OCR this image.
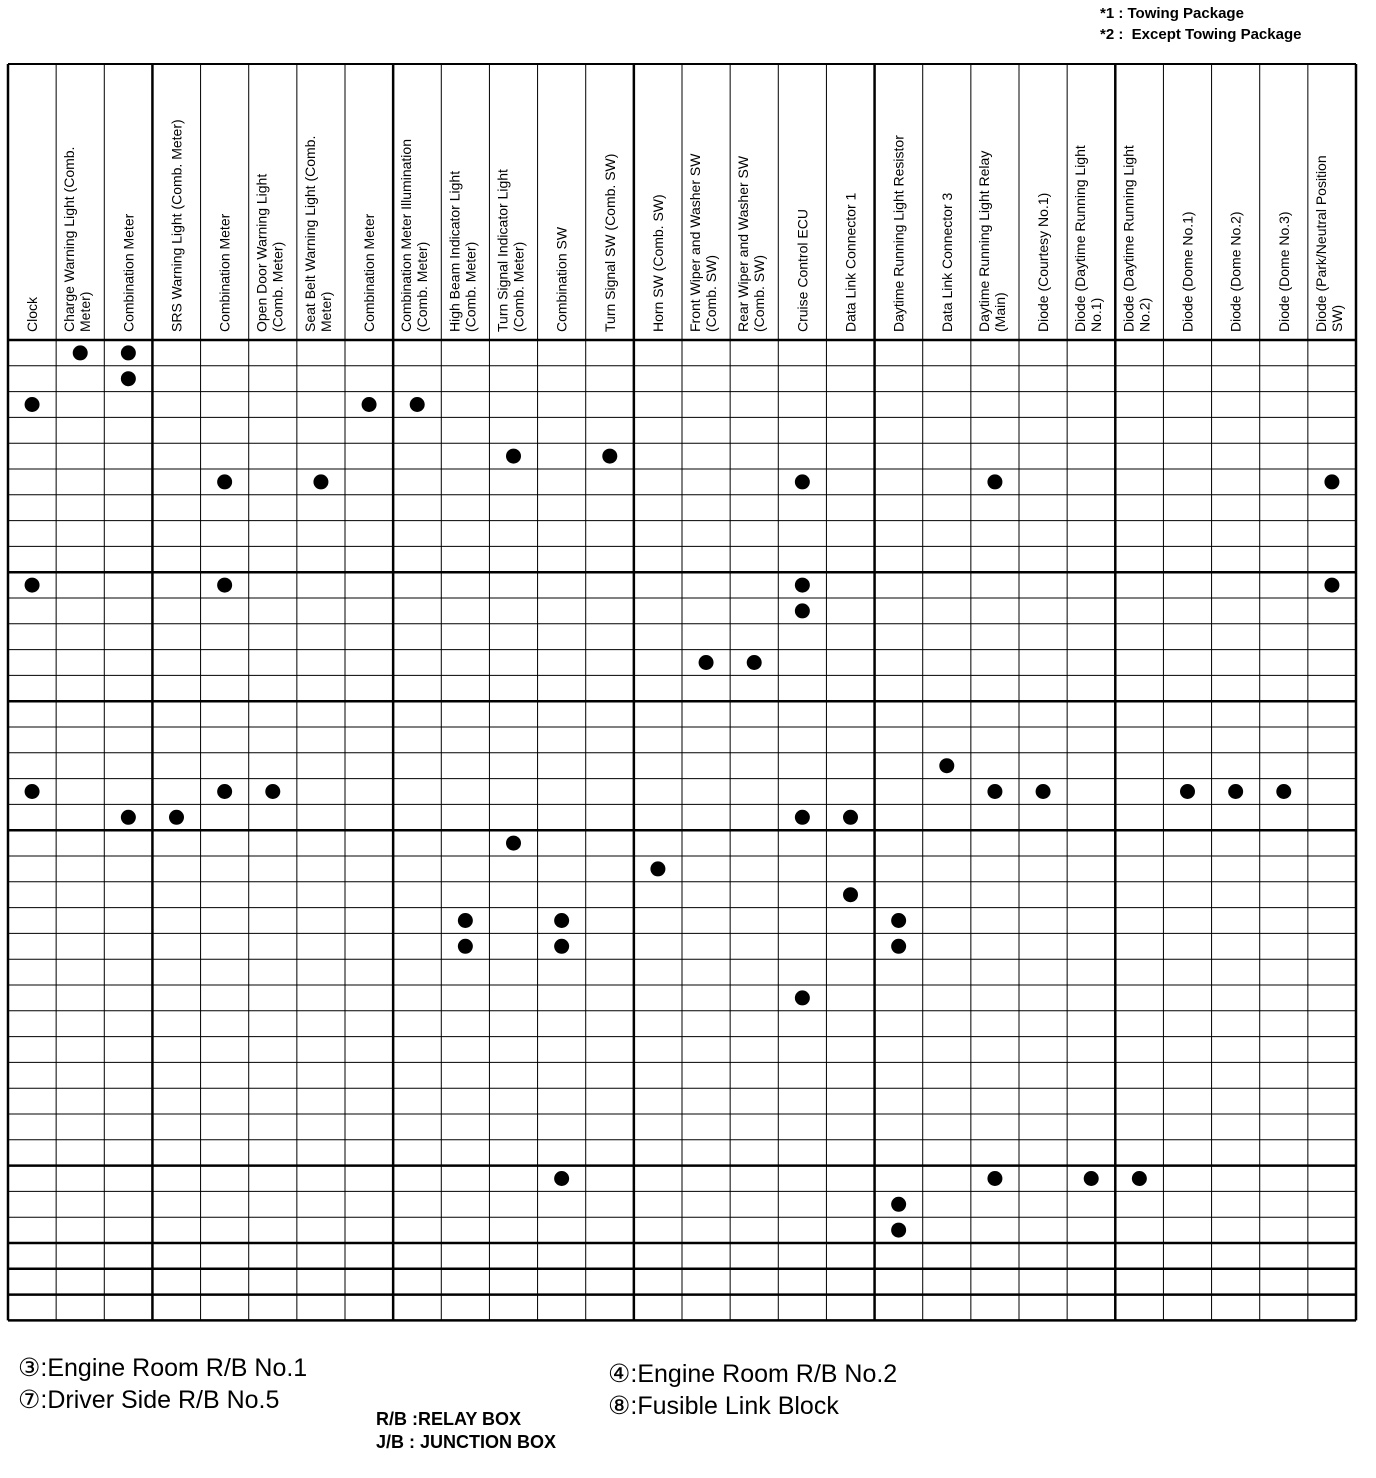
*1 : Towing Package
*2 :  Except Towing Package
Clock Charge Warning Light (Comb. Meter) Combination Meter SRS Warning Light (Comb. Meter) Combination Meter Open Door Warning Light (Comb. Meter) Seat Belt Warning Light (Comb. Meter) Combination Meter Combination Meter Illumination (Comb. Meter) High Beam Indicator Light (Comb. Meter) Turn Signal Indicator Light (Comb. Meter) Combination SW Turn Signal SW (Comb. SW) Horn SW (Comb. SW) Front Wiper and Washer SW (Comb. SW) Rear Wiper and Washer SW (Comb. SW) Cruise Control ECU Data Link Connector 1 Daytime Running Light Resistor Data Link Connector 3 Daytime Running Light Relay (Main) Diode (Courtesy No.1) Diode (Daytime Running Light No.1) Diode (Daytime Running Light No.2) Diode (Dome No.1) Diode (Dome No.2) Diode (Dome No.3) Diode (Park/Neutral Position SW)
③:Engine Room R/B No.1
⑦:Driver Side R/B No.5
④:Engine Room R/B No.2
⑧:Fusible Link Block
R/B :RELAY BOX
J/B : JUNCTION BOX
